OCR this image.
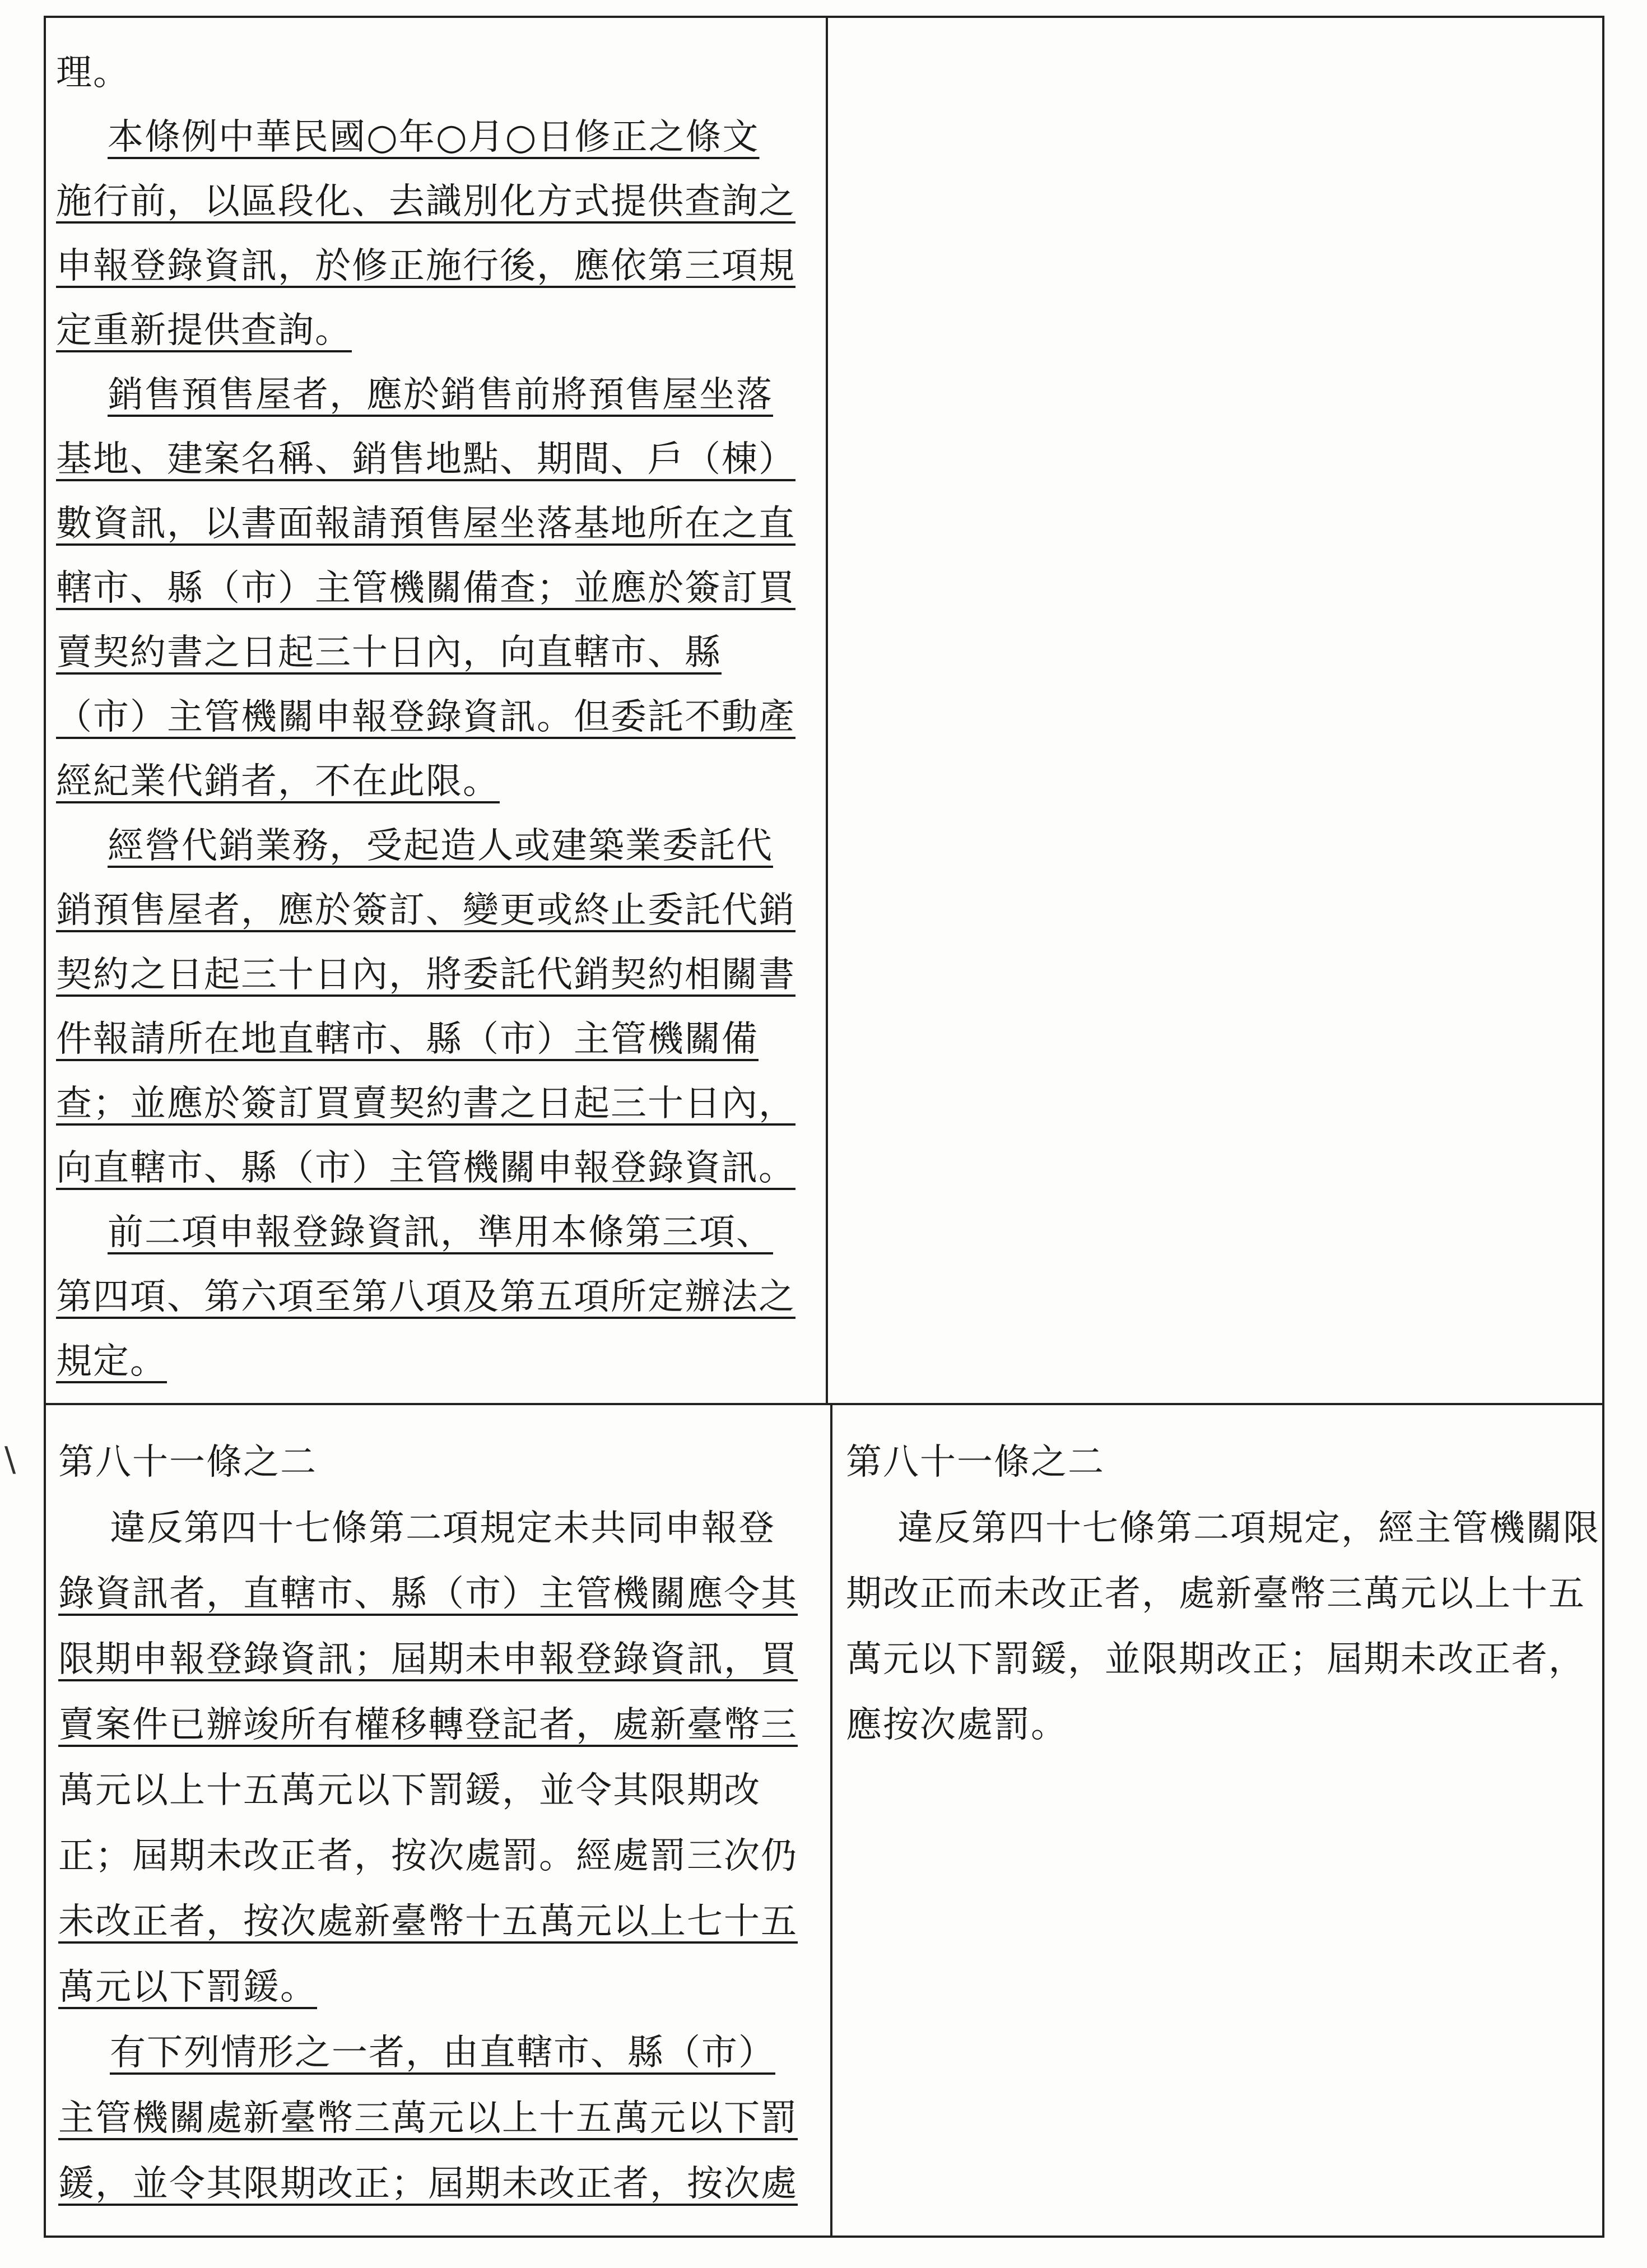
\
理。
本條例中華民國○年○月○日修正之條文
施行前，以區段化、去識別化方式提供查詢之
申報登錄資訊，於修正施行後，應依第三項規
定重新提供查詢。
銷售預售屋者，應於銷售前將預售屋坐落
基地、建案名稱、銷售地點、期間、戶（棟）
數資訊，以書面報請預售屋坐落基地所在之直
轄市、縣（市）主管機關備查；並應於簽訂買
賣契約書之日起三十日內，向直轄市、縣
（市）主管機關申報登錄資訊。但委託不動產
經紀業代銷者，不在此限。
經營代銷業務，受起造人或建築業委託代
銷預售屋者，應於簽訂、變更或終止委託代銷
契約之日起三十日內，將委託代銷契約相關書
件報請所在地直轄市、縣（市）主管機關備
查；並應於簽訂買賣契約書之日起三十日內，
向直轄市、縣（市）主管機關申報登錄資訊。
前二項申報登錄資訊，準用本條第三項、
第四項、第六項至第八項及第五項所定辦法之
規定。
第八十一條之二
違反第四十七條第二項規定未共同申報登
錄資訊者，直轄市、縣（市）主管機關應令其
限期申報登錄資訊；屆期未申報登錄資訊，買
賣案件已辦竣所有權移轉登記者，處新臺幣三
萬元以上十五萬元以下罰鍰，並令其限期改
正；屆期未改正者，按次處罰。經處罰三次仍
未改正者，按次處新臺幣十五萬元以上七十五
萬元以下罰鍰。
有下列情形之一者，由直轄市、縣（市）
主管機關處新臺幣三萬元以上十五萬元以下罰
鍰，並令其限期改正；屆期未改正者，按次處
第八十一條之二
違反第四十七條第二項規定，經主管機關限
期改正而未改正者，處新臺幣三萬元以上十五
萬元以下罰鍰，並限期改正；屆期未改正者，
應按次處罰。
